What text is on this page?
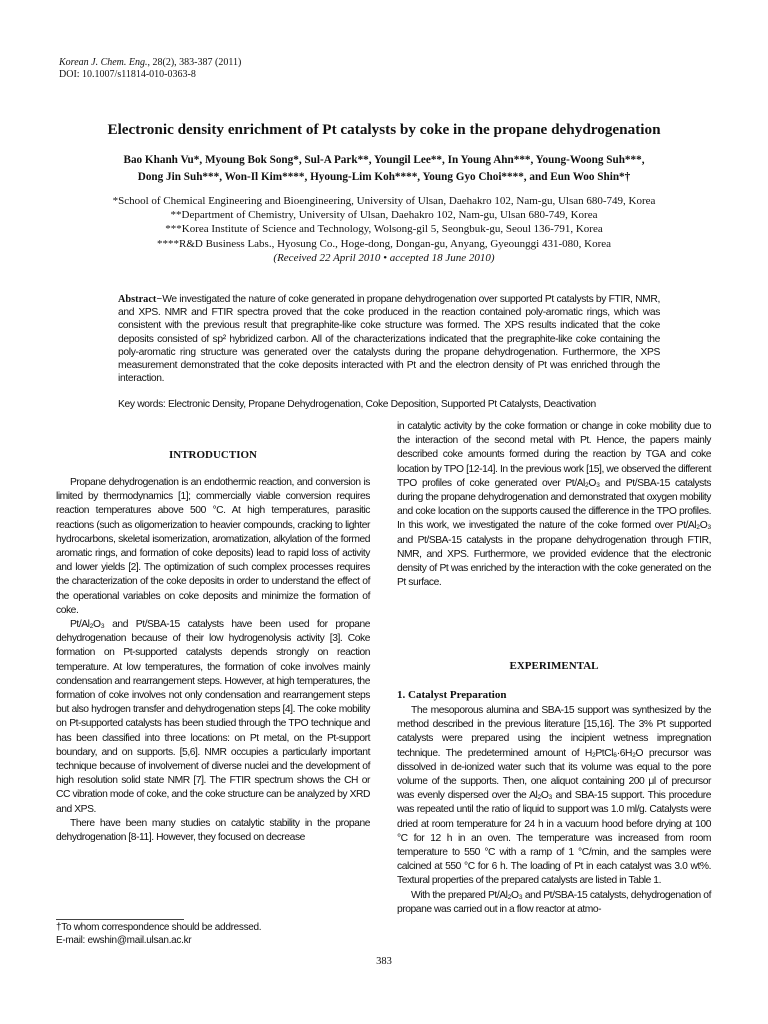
Korean J. Chem. Eng., 28(2), 383-387 (2011)
DOI: 10.1007/s11814-010-0363-8
Electronic density enrichment of Pt catalysts by coke in the propane dehydrogenation
Bao Khanh Vu*, Myoung Bok Song*, Sul-A Park**, Youngil Lee**, In Young Ahn***, Young-Woong Suh***,
Dong Jin Suh***, Won-Il Kim****, Hyoung-Lim Koh****, Young Gyo Choi****, and Eun Woo Shin*†
*School of Chemical Engineering and Bioengineering, University of Ulsan, Daehakro 102, Nam-gu, Ulsan 680-749, Korea
**Department of Chemistry, University of Ulsan, Daehakro 102, Nam-gu, Ulsan 680-749, Korea
***Korea Institute of Science and Technology, Wolsong-gil 5, Seongbuk-gu, Seoul 136-791, Korea
****R&D Business Labs., Hyosung Co., Hoge-dong, Dongan-gu, Anyang, Gyeounggi 431-080, Korea
(Received 22 April 2010 • accepted 18 June 2010)
Abstract−We investigated the nature of coke generated in propane dehydrogenation over supported Pt catalysts by FTIR, NMR, and XPS. NMR and FTIR spectra proved that the coke produced in the reaction contained poly-aromatic rings, which was consistent with the previous result that pregraphite-like coke structure was formed. The XPS results indicated that the coke deposits consisted of sp² hybridized carbon. All of the characterizations indicated that the pregraphite-like coke containing the poly-aromatic ring structure was generated over the catalysts during the propane dehydrogenation. Furthermore, the XPS measurement demonstrated that the coke deposits interacted with Pt and the electron density of Pt was enriched through the interaction.
Key words: Electronic Density, Propane Dehydrogenation, Coke Deposition, Supported Pt Catalysts, Deactivation
INTRODUCTION

Propane dehydrogenation is an endothermic reaction, and conversion is limited by thermodynamics [1]; commercially viable conversion requires reaction temperatures above 500 °C. At high temperatures, parasitic reactions (such as oligomerization to heavier compounds, cracking to lighter hydrocarbons, skeletal isomerization, aromatization, alkylation of the formed aromatic rings, and formation of coke deposits) lead to rapid loss of activity and lower yields [2]. The optimization of such complex processes requires the characterization of the coke deposits in order to understand the effect of the operational variables on coke deposits and minimize the formation of coke.

Pt/Al₂O₃ and Pt/SBA-15 catalysts have been used for propane dehydrogenation because of their low hydrogenolysis activity [3]. Coke formation on Pt-supported catalysts depends strongly on reaction temperature. At low temperatures, the formation of coke involves mainly condensation and rearrangement steps. However, at high temperatures, the formation of coke involves not only condensation and rearrangement steps but also hydrogen transfer and dehydrogenation steps [4]. The coke mobility on Pt-supported catalysts has been studied through the TPO technique and has been classified into three locations: on Pt metal, on the Pt-support boundary, and on supports. [5,6]. NMR occupies a particularly important technique because of involvement of diverse nuclei and the development of high resolution solid state NMR [7]. The FTIR spectrum shows the CH or CC vibration mode of coke, and the coke structure can be analyzed by XRD and XPS.

There have been many studies on catalytic stability in the propane dehydrogenation [8-11]. However, they focused on decrease

in catalytic activity by the coke formation or change in coke mobility due to the interaction of the second metal with Pt. Hence, the papers mainly described coke amounts formed during the reaction by TGA and coke location by TPO [12-14]. In the previous work [15], we observed the different TPO profiles of coke generated over Pt/Al₂O₃ and Pt/SBA-15 catalysts during the propane dehydrogenation and demonstrated that oxygen mobility and coke location on the supports caused the difference in the TPO profiles. In this work, we investigated the nature of the coke formed over Pt/Al₂O₃ and Pt/SBA-15 catalysts in the propane dehydrogenation through FTIR, NMR, and XPS. Furthermore, we provided evidence that the electronic density of Pt was enriched by the interaction with the coke generated on the Pt surface.

EXPERIMENTAL
1. Catalyst Preparation

The mesoporous alumina and SBA-15 support was synthesized by the method described in the previous literature [15,16]. The 3% Pt supported catalysts were prepared using the incipient wetness impregnation technique. The predetermined amount of H₂PtCl₆·6H₂O precursor was dissolved in de-ionized water such that its volume was equal to the pore volume of the supports. Then, one aliquot containing 200 μl of precursor was evenly dispersed over the Al₂O₃ and SBA-15 support. This procedure was repeated until the ratio of liquid to support was 1.0 ml/g. Catalysts were dried at room temperature for 24 h in a vacuum hood before drying at 100 °C for 12 h in an oven. The temperature was increased from room temperature to 550 °C with a ramp of 1 °C/min, and the samples were calcined at 550 °C for 6 h. The loading of Pt in each catalyst was 3.0 wt%. Textural properties of the prepared catalysts are listed in Table 1.

With the prepared Pt/Al₂O₃ and Pt/SBA-15 catalysts, dehydrogenation of propane was carried out in a flow reactor at atmo-

†To whom correspondence should be addressed.
E-mail: ewshin@mail.ulsan.ac.kr
383
